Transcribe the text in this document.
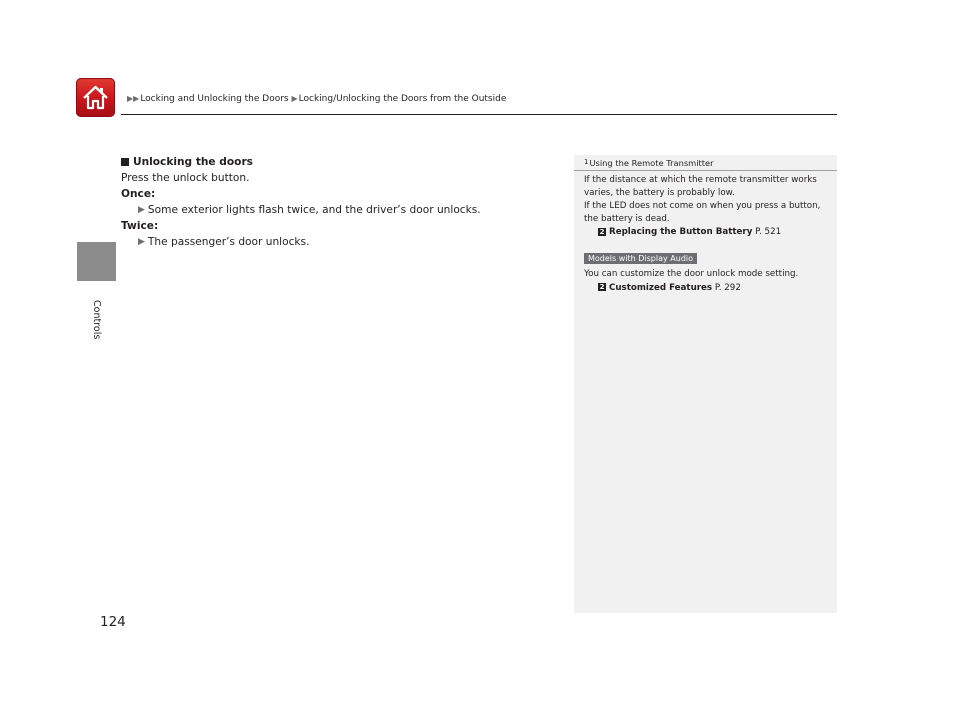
▶▶Locking and Unlocking the Doors ▶Locking/Unlocking the Doors from the Outside
Controls
Unlocking the doors
Press the unlock button.
Once:
▶ Some exterior lights flash twice, and the driver’s door unlocks.
Twice:
▶ The passenger’s door unlocks.
$^1$Using the Remote Transmitter
If the distance at which the remote transmitter works varies, the battery is probably low.
If the LED does not come on when you press a button, the battery is dead.
2 Replacing the Button Battery P. 521
Models with Display Audio
You can customize the door unlock mode setting.
2 Customized Features P. 292
124
